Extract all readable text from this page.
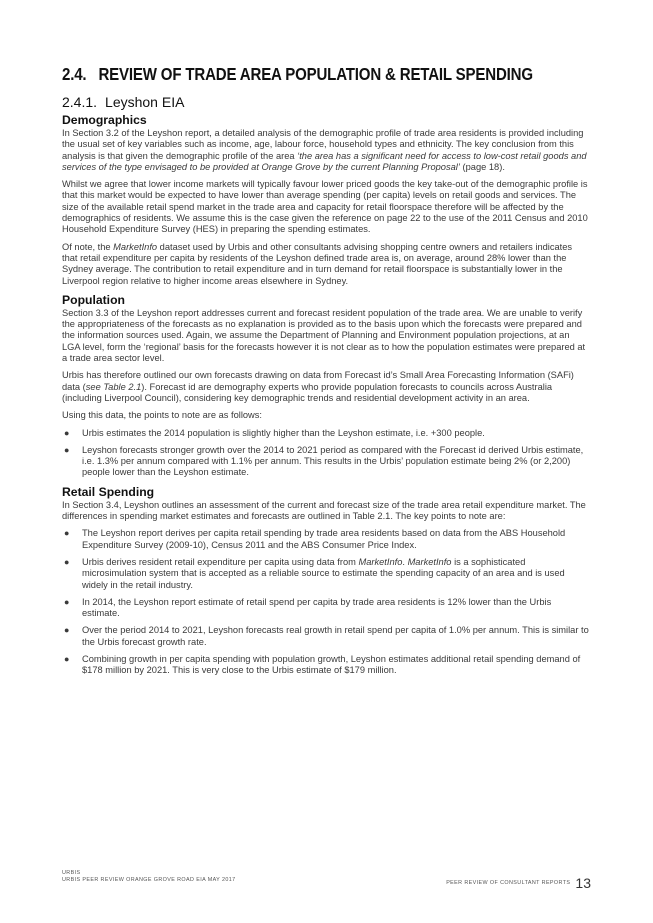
2.4. REVIEW OF TRADE AREA POPULATION & RETAIL SPENDING
2.4.1. Leyshon EIA
Demographics

In Section 3.2 of the Leyshon report, a detailed analysis of the demographic profile of trade area residents is provided including the usual set of key variables such as income, age, labour force, household types and ethnicity. The key conclusion from this analysis is that given the demographic profile of the area ‘the area has a significant need for access to low-cost retail goods and services of the type envisaged to be provided at Orange Grove by the current Planning Proposal’ (page 18).

Whilst we agree that lower income markets will typically favour lower priced goods the key take-out of the demographic profile is that this market would be expected to have lower than average spending (per capita) levels on retail goods and services. The size of the available retail spend market in the trade area and capacity for retail floorspace therefore will be affected by the demographics of residents. We assume this is the case given the reference on page 22 to the use of the 2011 Census and 2010 Household Expenditure Survey (HES) in preparing the spending estimates.

Of note, the MarketInfo dataset used by Urbis and other consultants advising shopping centre owners and retailers indicates that retail expenditure per capita by residents of the Leyshon defined trade area is, on average, around 28% lower than the Sydney average. The contribution to retail expenditure and in turn demand for retail floorspace is substantially lower in the Liverpool region relative to higher income areas elsewhere in Sydney.

Population

Section 3.3 of the Leyshon report addresses current and forecast resident population of the trade area. We are unable to verify the appropriateness of the forecasts as no explanation is provided as to the basis upon which the forecasts were prepared and the information sources used. Again, we assume the Department of Planning and Environment population projections, at an LGA level, form the ‘regional’ basis for the forecasts however it is not clear as to how the population estimates were prepared at a trade area sector level.

Urbis has therefore outlined our own forecasts drawing on data from Forecast id’s Small Area Forecasting Information (SAFi) data (see Table 2.1). Forecast id are demography experts who provide population forecasts to councils across Australia (including Liverpool Council), considering key demographic trends and residential development activity in an area.

Using this data, the points to note are as follows:

● Urbis estimates the 2014 population is slightly higher than the Leyshon estimate, i.e. +300 people.
● Leyshon forecasts stronger growth over the 2014 to 2021 period as compared with the Forecast id derived Urbis estimate, i.e. 1.3% per annum compared with 1.1% per annum. This results in the Urbis’ population estimate being 2% (or 2,200) people lower than the Leyshon estimate.
Retail Spending

In Section 3.4, Leyshon outlines an assessment of the current and forecast size of the trade area retail expenditure market. The differences in spending market estimates and forecasts are outlined in Table 2.1. The key points to note are:

● The Leyshon report derives per capita retail spending by trade area residents based on data from the ABS Household Expenditure Survey (2009-10), Census 2011 and the ABS Consumer Price Index.
● Urbis derives resident retail expenditure per capita using data from MarketInfo. MarketInfo is a sophisticated microsimulation system that is accepted as a reliable source to estimate the spending capacity of an area and is used widely in the retail industry.
● In 2014, the Leyshon report estimate of retail spend per capita by trade area residents is 12% lower than the Urbis estimate.
● Over the period 2014 to 2021, Leyshon forecasts real growth in retail spend per capita of 1.0% per annum. This is similar to the Urbis forecast growth rate.
● Combining growth in per capita spending with population growth, Leyshon estimates additional retail spending demand of $178 million by 2021. This is very close to the Urbis estimate of $179 million.
URBIS
URBIS PEER REVIEW ORANGE GROVE ROAD EIA MAY 2017	PEER REVIEW OF CONSULTANT REPORTS 13
